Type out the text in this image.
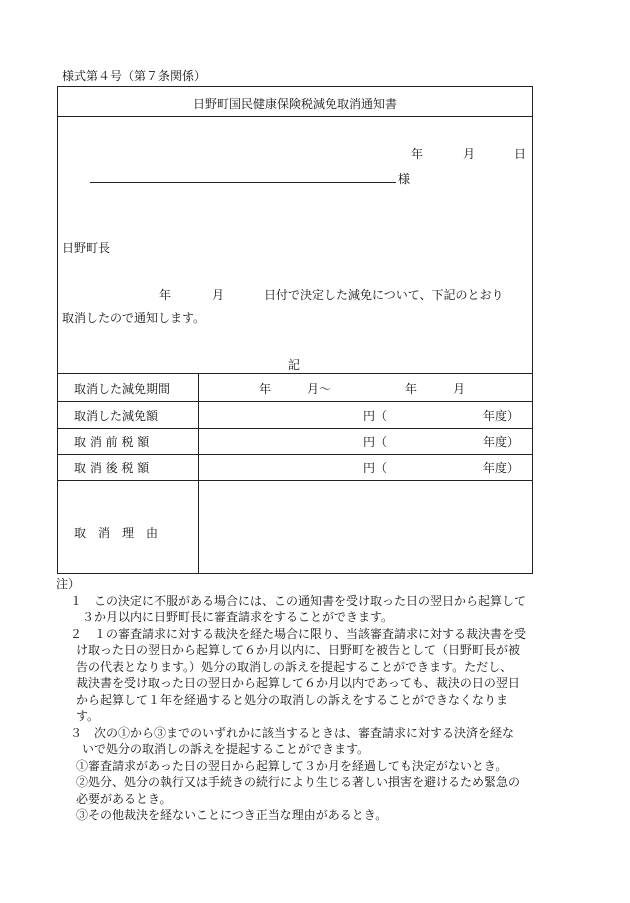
様式第４号（第７条関係）
日野町国民健康保険税減免取消通知書
年	月	日
様
日野町長
年	月	日付で決定した減免について、下記のとおり
取消したので通知します。
記
取消した減免期間	年　　　月～	年　　　月
取消した減免額	円（	年度）
取 消 前 税 額	円（	年度）
取 消 後 税 額	円（	年度）
取　消　理　由

注）

１　この決定に不服がある場合には、この通知書を受け取った日の翌日から起算して

３か月以内に日野町長に審査請求をすることができます。

２　１の審査請求に対する裁決を経た場合に限り、当該審査請求に対する裁決書を受

け取った日の翌日から起算して６か月以内に、日野町を被告として（日野町長が被

告の代表となります。）処分の取消しの訴えを提起することができます。ただし、

裁決書を受け取った日の翌日から起算して６か月以内であっても、裁決の日の翌日

から起算して１年を経過すると処分の取消しの訴えをすることができなくなりま

す。

３　次の①から③までのいずれかに該当するときは、審査請求に対する決済を経な

いで処分の取消しの訴えを提起することができます。

①審査請求があった日の翌日から起算して３か月を経過しても決定がないとき。

②処分、処分の執行又は手続きの続行により生じる著しい損害を避けるため緊急の

必要があるとき。

③その他裁決を経ないことにつき正当な理由があるとき。
